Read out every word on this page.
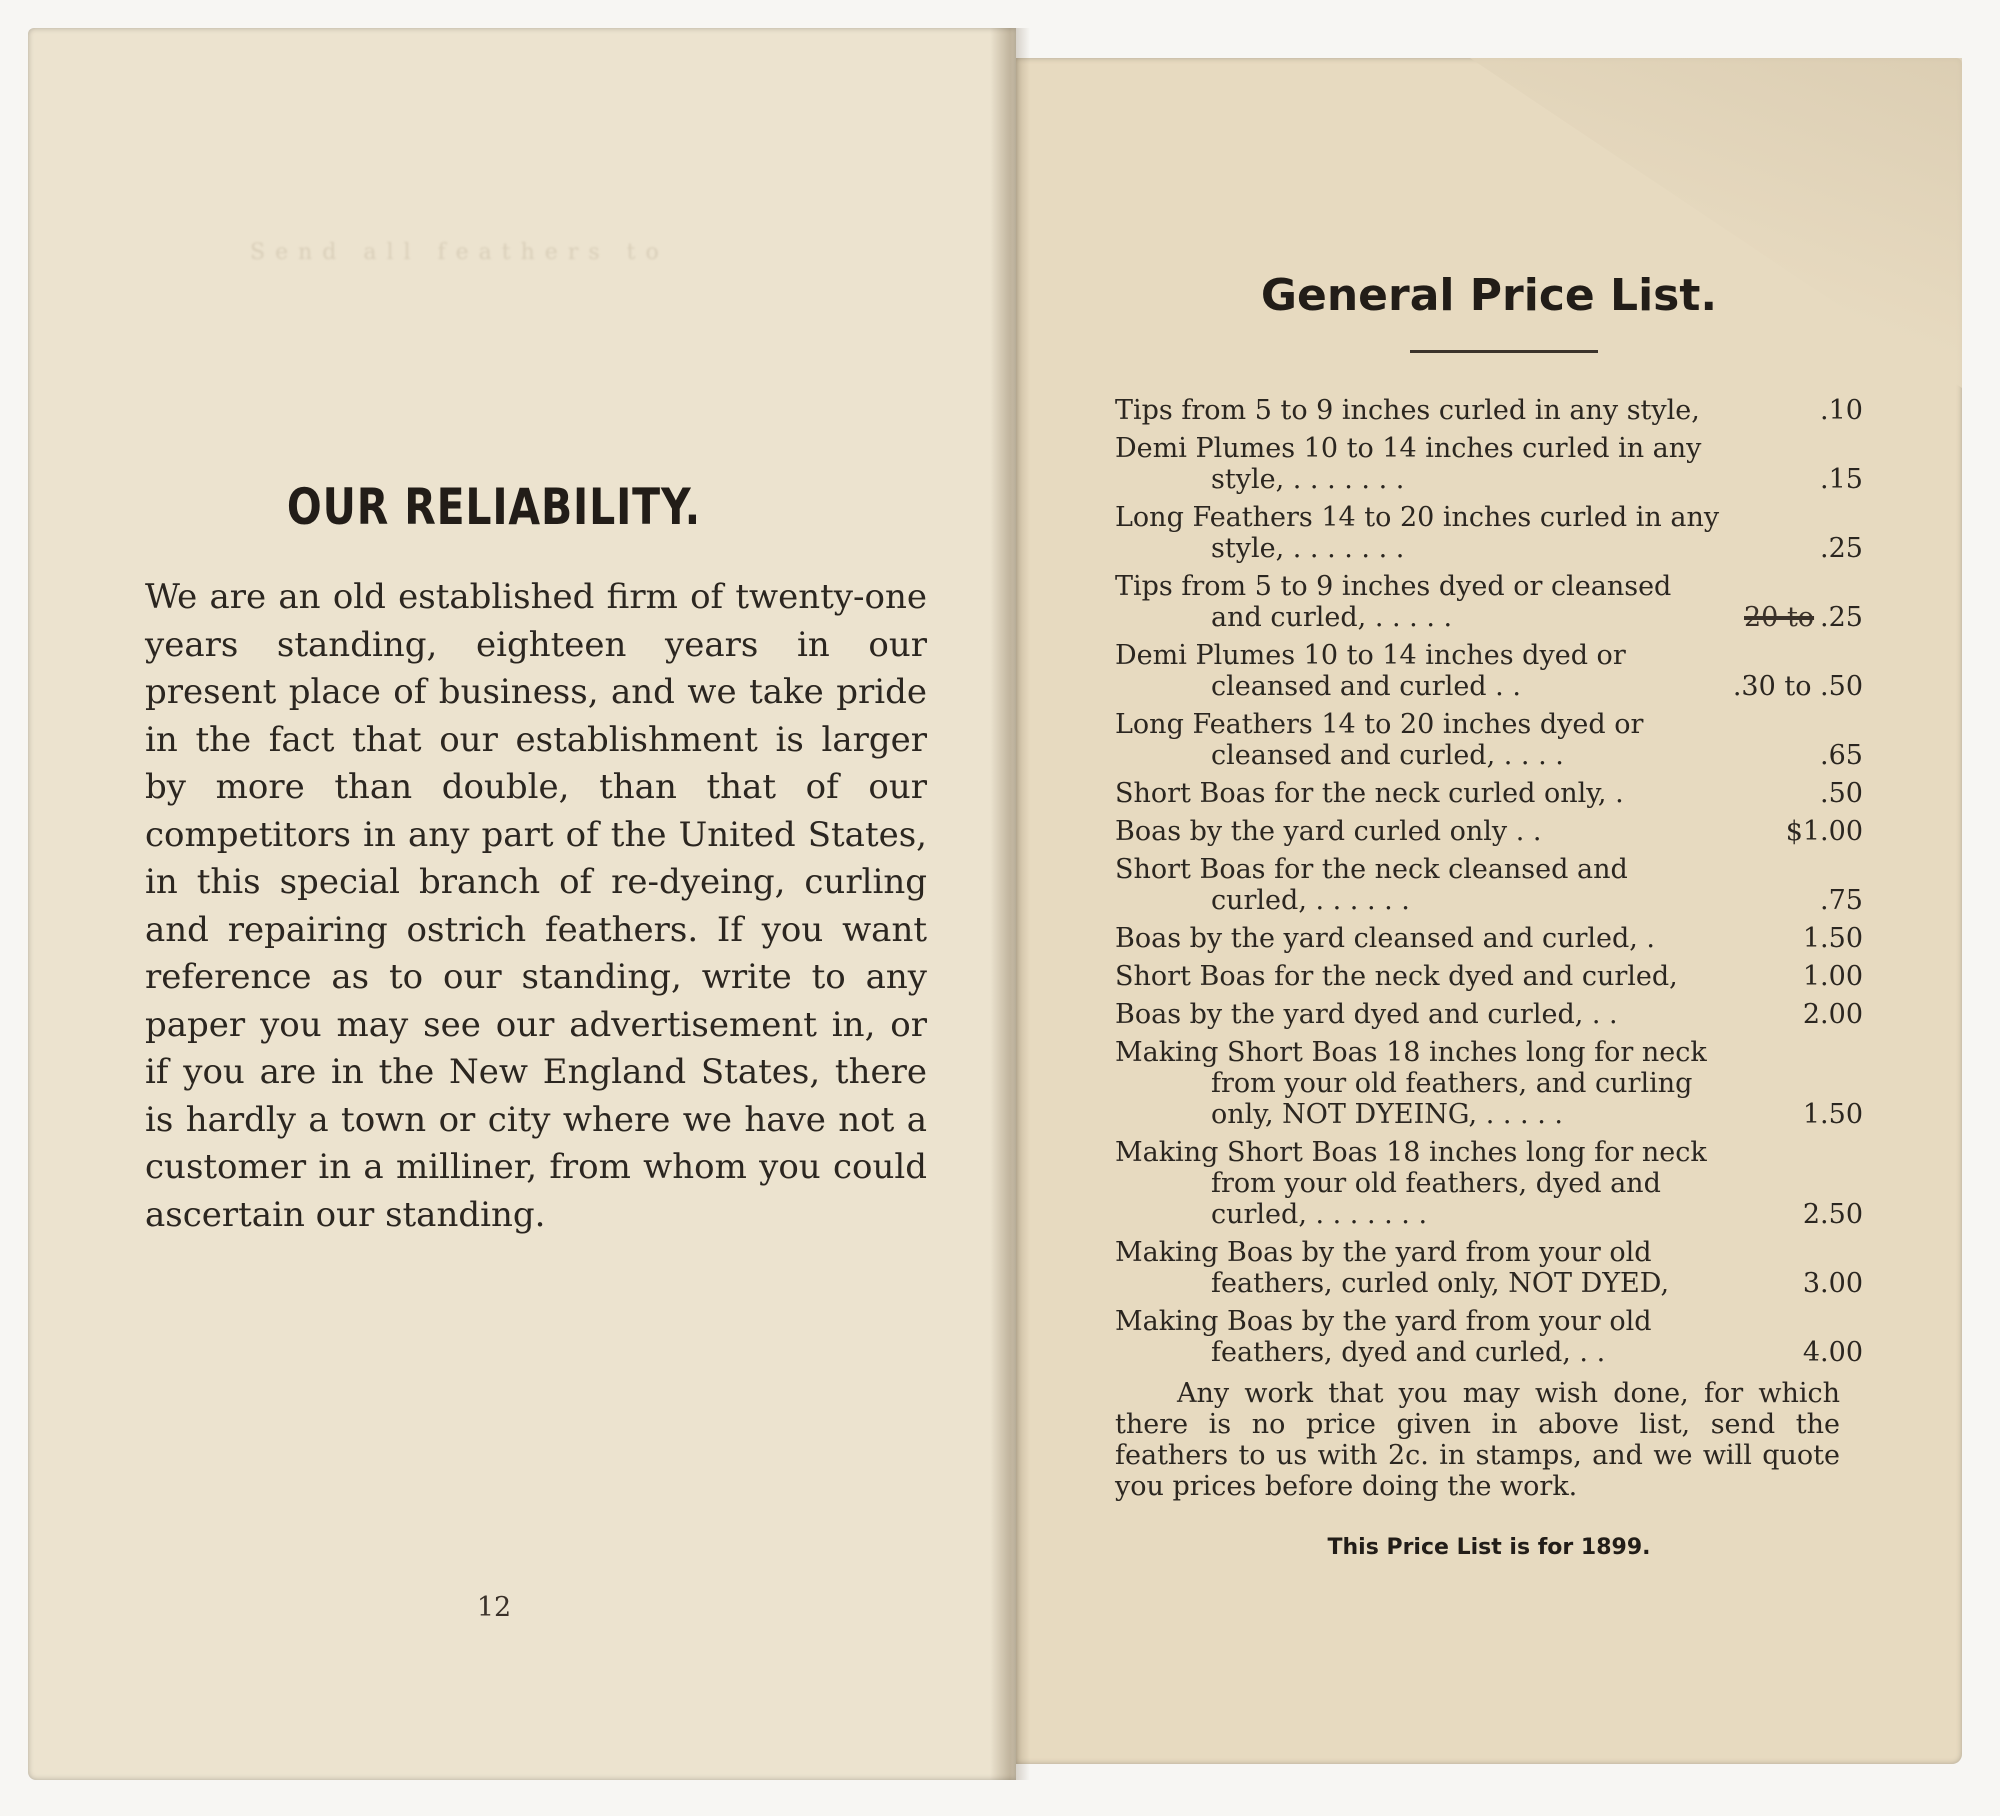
Send all feathers to
OUR RELIABILITY.

We are an old established firm of twenty-one years standing, eighteen years in our present place of business, and we take pride in the fact that our establishment is larger by more than double, than that of our competitors in any part of the United States, in this special branch of re-dyeing, curling and repairing ostrich feathers. If you want reference as to our standing, write to any paper you may see our advertisement in, or if you are in the New England States, there is hardly a town or city where we have not a customer in a milliner, from whom you could ascertain our standing.

12
General Price List.
Tips from 5 to 9 inches curled in any style,	.10
Demi Plumes 10 to 14 inches curled in any style, . . . . . . .	.15
Long Feathers 14 to 20 inches curled in any style, . . . . . . .	.25
Tips from 5 to 9 inches dyed or cleansed and curled, . . . . .	20 to .25
Demi Plumes 10 to 14 inches dyed or cleansed and curled . .	.30 to .50
Long Feathers 14 to 20 inches dyed or cleansed and curled, . . . .	.65
Short Boas for the neck curled only, .	.50
Boas by the yard curled only . .	$1.00
Short Boas for the neck cleansed and curled, . . . . . .	.75
Boas by the yard cleansed and curled, .	1.50
Short Boas for the neck dyed and curled,	1.00
Boas by the yard dyed and curled, . .	2.00
Making Short Boas 18 inches long for neck from your old feathers, and curling only, NOT DYEING, . . . . .	1.50
Making Short Boas 18 inches long for neck from your old feathers, dyed and curled, . . . . . . .	2.50
Making Boas by the yard from your old feathers, curled only, NOT DYED,	3.00
Making Boas by the yard from your old feathers, dyed and curled, . .	4.00

Any work that you may wish done, for which there is no price given in above list, send the feathers to us with 2c. in stamps, and we will quote you prices before doing the work.

This Price List is for 1899.
